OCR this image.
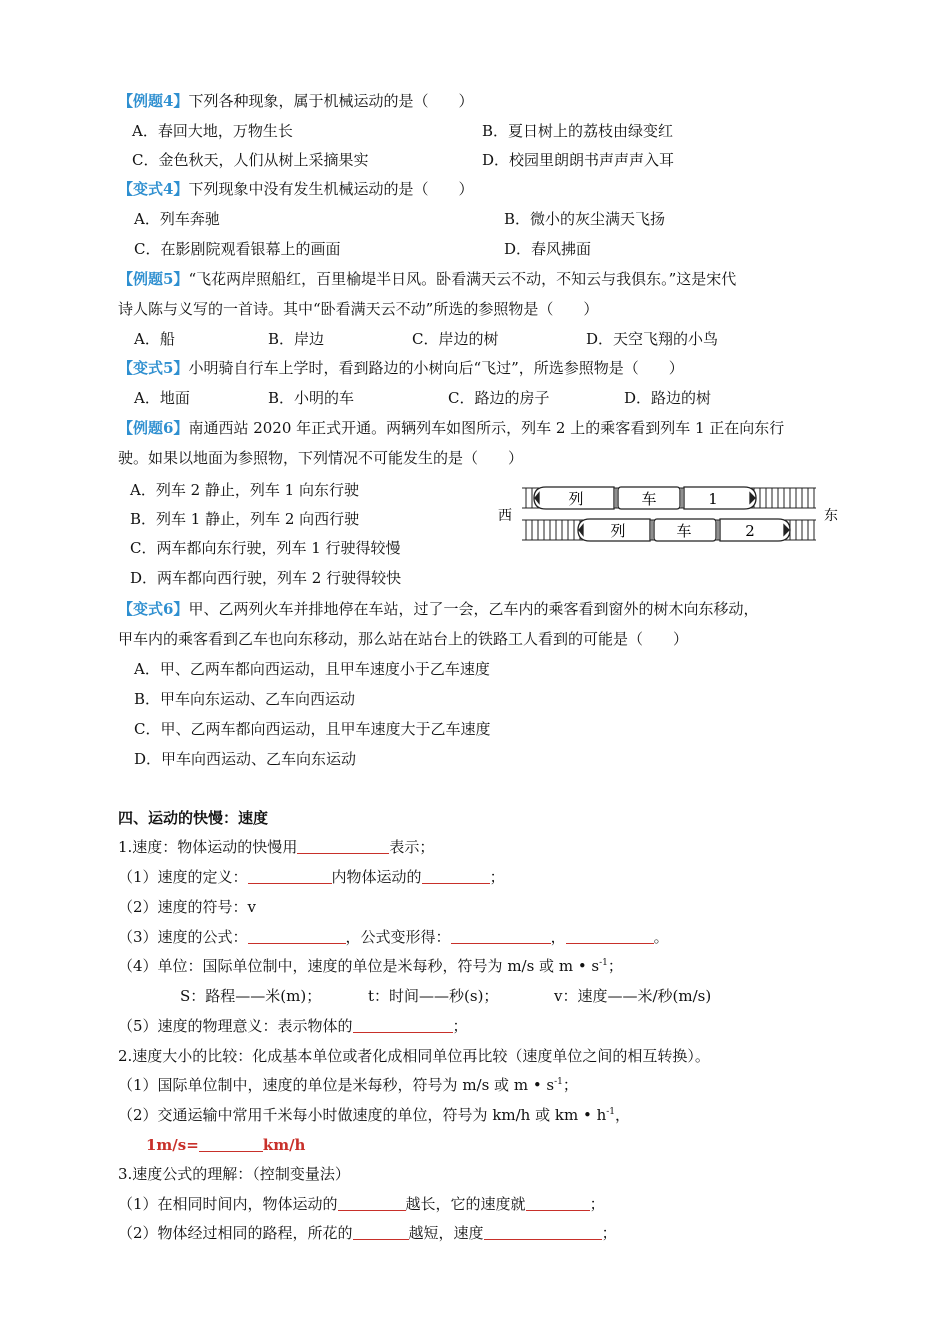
【例题4】下列各种现象，属于机械运动的是（　　）
A．春回大地，万物生长	B．夏日树上的荔枝由绿变红
C．金色秋天，人们从树上采摘果实	D．校园里朗朗书声声声入耳
【变式4】下列现象中没有发生机械运动的是（　　）
A．列车奔驰	B．微小的灰尘满天飞扬
C．在影剧院观看银幕上的画面	D．春风拂面
【例题5】“飞花两岸照船红，百里榆堤半日风。卧看满天云不动，不知云与我俱东。”这是宋代
诗人陈与义写的一首诗。其中“卧看满天云不动”所选的参照物是（　　）
A．船	B．岸边	C．岸边的树	D．天空飞翔的小鸟
【变式5】小明骑自行车上学时，看到路边的小树向后“飞过”，所选参照物是（　　）
A．地面	B．小明的车	C．路边的房子	D．路边的树
【例题6】南通西站 2020 年正式开通。两辆列车如图所示，列车 2 上的乘客看到列车 1 正在向东行
驶。如果以地面为参照物，下列情况不可能发生的是（　　）
A．列车 2 静止，列车 1 向东行驶
B．列车 1 静止，列车 2 向西行驶
C．两车都向东行驶，列车 1 行驶得较慢
D．两车都向西行驶，列车 2 行驶得较快
西	东
列	车	1
列	车	2
【变式6】甲、乙两列火车并排地停在车站，过了一会，乙车内的乘客看到窗外的树木向东移动，
甲车内的乘客看到乙车也向东移动，那么站在站台上的铁路工人看到的可能是（　　）
A．甲、乙两车都向西运动，且甲车速度小于乙车速度
B．甲车向东运动、乙车向西运动
C．甲、乙两车都向西运动，且甲车速度大于乙车速度
D．甲车向西运动、乙车向东运动
四、运动的快慢：速度
1.速度：物体运动的快慢用	表示；
（1）速度的定义：	内物体运动的	；
（2）速度的符号：v
（3）速度的公式：	，公式变形得：	，	。
（4）单位：国际单位制中，速度的单位是米每秒，符号为 m/s 或 m • $s^{-1}$；
S：路程——米(m)；	t：时间——秒(s)；	v：速度——米/秒(m/s)
（5）速度的物理意义：表示物体的	；
2.速度大小的比较：化成基本单位或者化成相同单位再比较（速度单位之间的相互转换）。
（1）国际单位制中，速度的单位是米每秒，符号为 m/s 或 m • $s^{-1}$；
（2）交通运输中常用千米每小时做速度的单位，符号为 km/h 或 km • $h^{-1}$，
1m/s=	km/h
3.速度公式的理解：（控制变量法）
（1）在相同时间内，物体运动的	越长，它的速度就	；
（2）物体经过相同的路程，所花的	越短，速度	；
